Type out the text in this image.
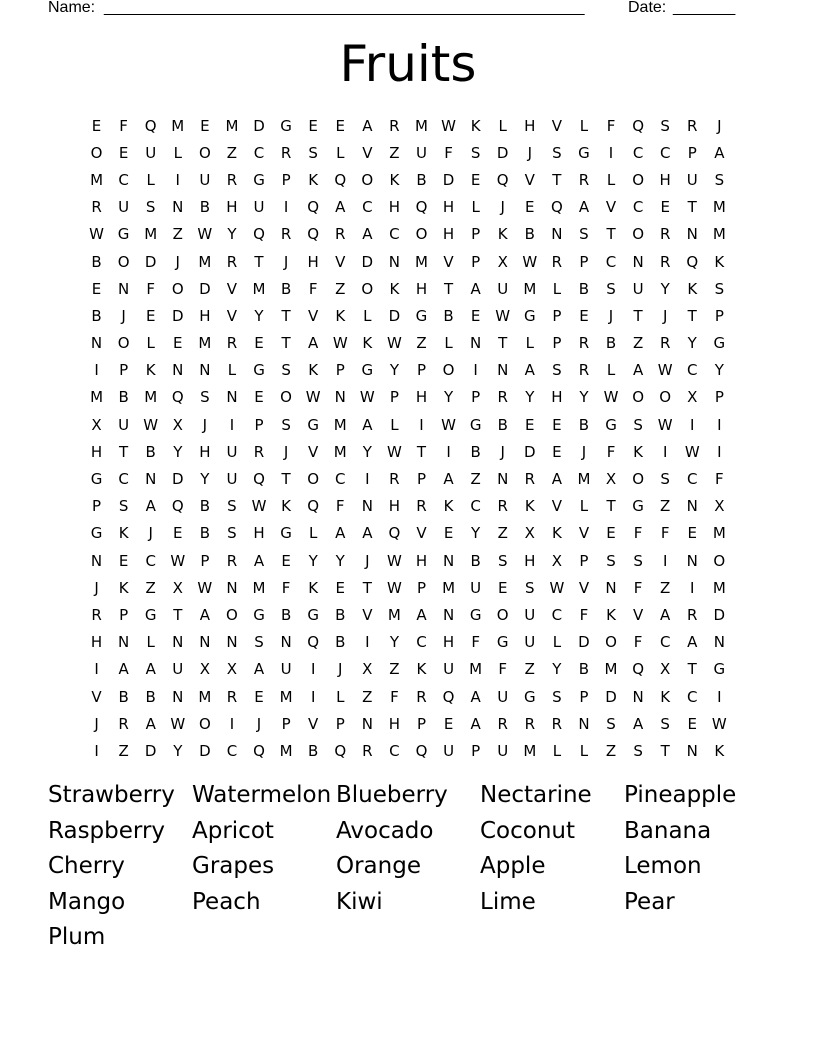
Name: ______________________________________________________	Date: _______
Fruits
E	F	Q M	E	M D	G	E	E	A	R	M W K	L	H	V	L	F	Q	S	R	J
O	E	U	L	O	Z	C	R	S	L	V	Z	U	F	S	D	J	S	G	I	C	C	P	A
M	C	L	I	U	R	G	P	K	Q	O	K	B	D	E	Q	V	T	R	L	O	H	U	S
R	U	S	N	B	H	U	I	Q	A	C	H	Q	H	L	J	E	Q	A	V	C	E	T	M
W G M	Z W	Y	Q	R	Q	R	A	C	O	H	P	K	B	N	S	T	O	R	N M
B	O	D	J	M	R	T	J	H	V	D	N M	V	P	X W R	P	C	N	R	Q	K
E	N	F	O	D	V	M	B	F	Z	O	K	H	T	A	U	M	L	B	S	U	Y	K	S
B	J	E	D	H	V	Y	T	V	K	L	D	G	B	E W G	P	E	J	T	J	T	P
N	O	L	E	M	R	E	T	A W K W Z	L	N	T	L	P	R	B	Z	R	Y	G
I	P	K	N	N	L	G	S	K	P	G	Y	P	O	I	N	A	S	R	L	A W C	Y
M	B	M Q	S	N	E	O W N W	P	H	Y	P	R	Y	H	Y	W O	O	X	P
X	U W X	J	I	P	S	G M	A	L	I	W G	B	E	E	B	G	S W	I	I
H	T	B	Y	H	U	R	J	V	M	Y	W	T	I	B	J	D	E	J	F	K	I	W	I
G	C	N	D	Y	U	Q	T	O	C	I	R	P	A	Z	N	R	A	M	X	O	S	C	F
P	S	A	Q	B	S W K	Q	F	N	H	R	K	C	R	K	V	L	T	G	Z	N	X
G	K	J	E	B	S	H	G	L	A	A	Q	V	E	Y	Z	X	K	V	E	F	F	E	M
N	E	C W	P	R	A	E	Y	Y	J	W H	N	B	S	H	X	P	S	S	I	N	O
J	K	Z	X W N M	F	K	E	T	W	P	M	U	E	S W V	N	F	Z	I	M
R	P	G	T	A	O	G	B	G	B	V	M	A	N	G	O	U	C	F	K	V	A	R	D
H	N	L	N	N	N	S	N	Q	B	I	Y	C	H	F	G	U	L	D	O	F	C	A	N
I	A	A	U	X	X	A	U	I	J	X	Z	K	U	M	F	Z	Y	B	M Q	X	T	G
V	B	B	N M	R	E	M	I	L	Z	F	R	Q	A	U	G	S	P	D	N	K	C	I
J	R	A W O	I	J	P	V	P	N	H	P	E	A	R	R	R	N	S	A	S	E W
I	Z	D	Y	D	C	Q M	B	Q	R	C	Q	U	P	U	M	L	L	Z	S	T	N	K
Strawberry Watermelon Blueberry	Nectarine	Pineapple
Raspberry	Apricot	Avocado	Coconut	Banana
Cherry	Grapes	Orange	Apple	Lemon
Mango	Peach	Kiwi	Lime	Pear
Plum
